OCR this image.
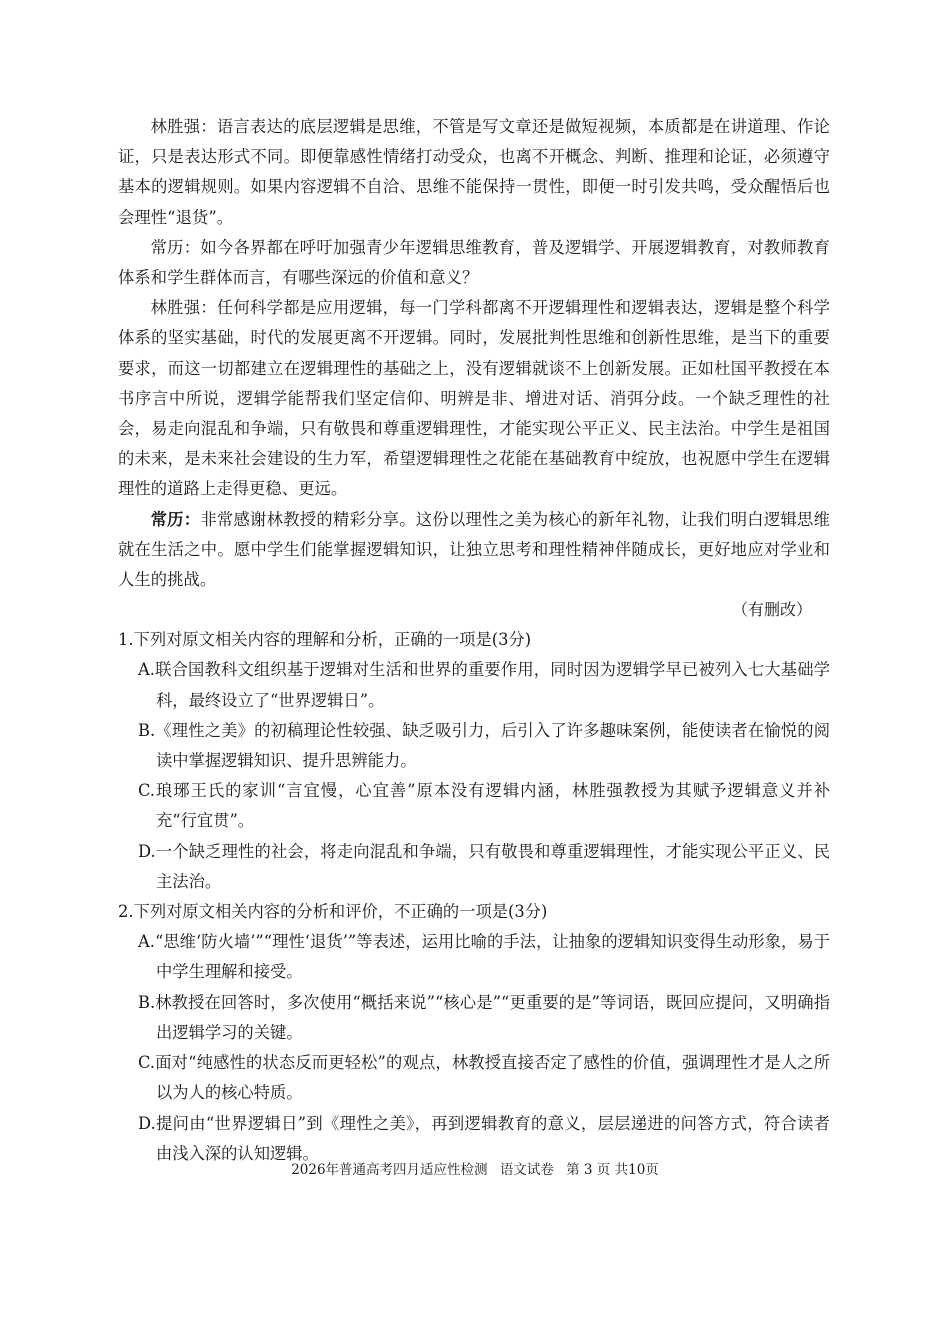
林胜强：语言表达的底层逻辑是思维，不管是写文章还是做短视频，本质都是在讲道理、作论证，只是表达形式不同。即便靠感性情绪打动受众，也离不开概念、判断、推理和论证，必须遵守基本的逻辑规则。如果内容逻辑不自洽、思维不能保持一贯性，即便一时引发共鸣，受众醒悟后也会理性“退货”。

常历：如今各界都在呼吁加强青少年逻辑思维教育，普及逻辑学、开展逻辑教育，对教师教育体系和学生群体而言，有哪些深远的价值和意义？

林胜强：任何科学都是应用逻辑，每一门学科都离不开逻辑理性和逻辑表达，逻辑是整个科学体系的坚实基础，时代的发展更离不开逻辑。同时，发展批判性思维和创新性思维，是当下的重要要求，而这一切都建立在逻辑理性的基础之上，没有逻辑就谈不上创新发展。正如杜国平教授在本书序言中所说，逻辑学能帮我们坚定信仰、明辨是非、增进对话、消弭分歧。一个缺乏理性的社会，易走向混乱和争端，只有敬畏和尊重逻辑理性，才能实现公平正义、民主法治。中学生是祖国的未来，是未来社会建设的生力军，希望逻辑理性之花能在基础教育中绽放，也祝愿中学生在逻辑理性的道路上走得更稳、更远。

常历：非常感谢林教授的精彩分享。这份以理性之美为核心的新年礼物，让我们明白逻辑思维就在生活之中。愿中学生们能掌握逻辑知识，让独立思考和理性精神伴随成长，更好地应对学业和人生的挑战。

（有删改）

1.下列对原文相关内容的理解和分析，正确的一项是(3分)

A.联合国教科文组织基于逻辑对生活和世界的重要作用，同时因为逻辑学早已被列入七大基础学科，最终设立了“世界逻辑日”。

B.《理性之美》的初稿理论性较强、缺乏吸引力，后引入了许多趣味案例，能使读者在愉悦的阅读中掌握逻辑知识、提升思辨能力。

C.琅琊王氏的家训“言宜慢，心宜善”原本没有逻辑内涵，林胜强教授为其赋予逻辑意义并补充“行宜贯”。

D.一个缺乏理性的社会，将走向混乱和争端，只有敬畏和尊重逻辑理性，才能实现公平正义、民主法治。

2.下列对原文相关内容的分析和评价，不正确的一项是(3分)

A.“思维‘防火墙’”“理性‘退货’”等表述，运用比喻的手法，让抽象的逻辑知识变得生动形象，易于中学生理解和接受。

B.林教授在回答时，多次使用“概括来说”“核心是”“更重要的是”等词语，既回应提问，又明确指出逻辑学习的关键。

C.面对“纯感性的状态反而更轻松”的观点，林教授直接否定了感性的价值，强调理性才是人之所以为人的核心特质。

D.提问由“世界逻辑日”到《理性之美》，再到逻辑教育的意义，层层递进的问答方式，符合读者由浅入深的认知逻辑。

2026年普通高考四月适应性检测 语文试卷 第 3 页 共10页
